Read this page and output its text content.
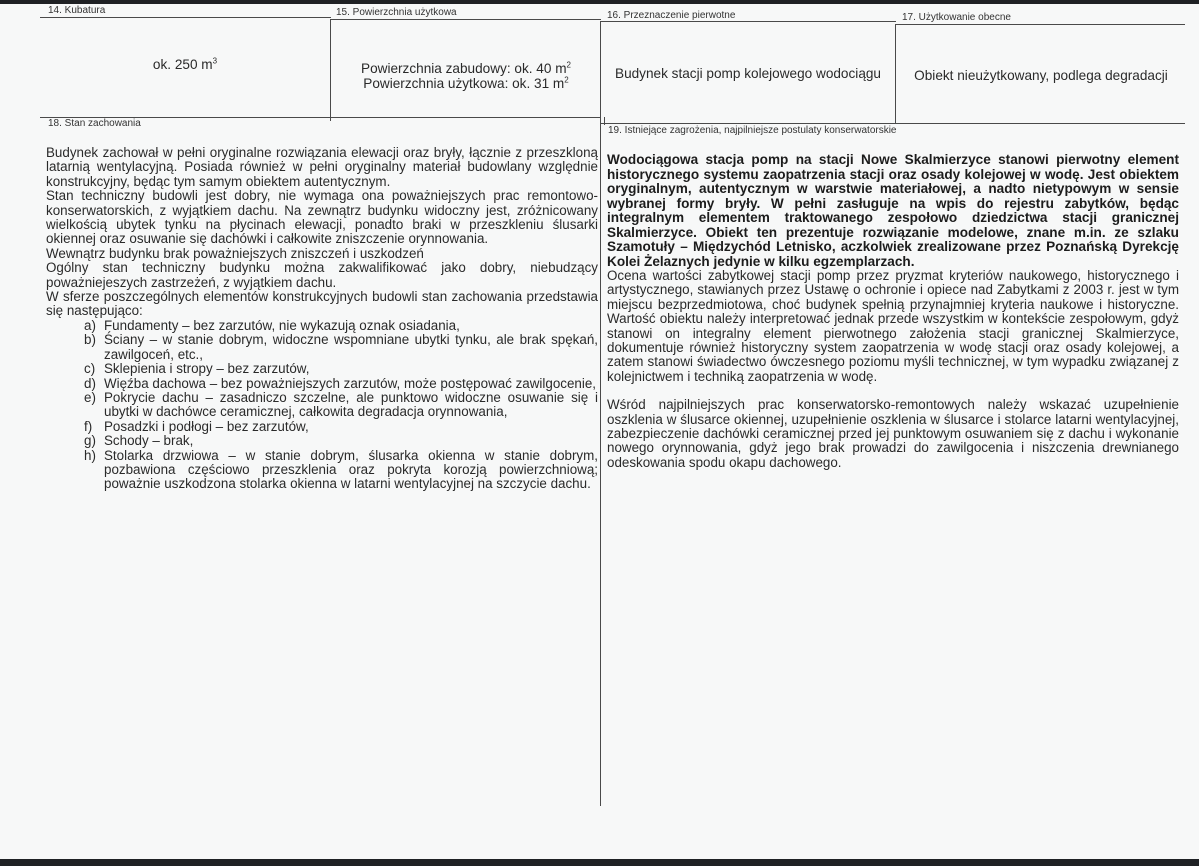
14. Kubatura
ok. 250 $m^3$
15. Powierzchnia użytkowa
Powierzchnia zabudowy: ok. 40 $m^2$
Powierzchnia użytkowa: ok. 31 $m^2$
16. Przeznaczenie pierwotne
Budynek stacji pomp kolejowego wodociągu
17. Użytkowanie obecne
Obiekt nieużytkowany, podlega degradacji
18. Stan zachowania

Budynek zachował w pełni oryginalne rozwiązania elewacji oraz bryły, łącznie z przeszkloną latarnią wentylacyjną. Posiada również w pełni oryginalny materiał budowlany względnie konstrukcyjny, będąc tym samym obiektem autentycznym.

Stan techniczny budowli jest dobry, nie wymaga ona poważniejszych prac remontowo-konserwatorskich, z wyjątkiem dachu. Na zewnątrz budynku widoczny jest, zróżnicowany wielkością ubytek tynku na płycinach elewacji, ponadto braki w przeszkleniu ślusarki okiennej oraz osuwanie się dachówki i całkowite zniszczenie orynnowania.

Wewnątrz budynku brak poważniejszych zniszczeń i uszkodzeń

Ogólny stan techniczny budynku można zakwalifikować jako dobry, niebudzący poważniejeszych zastrzeżeń, z wyjątkiem dachu.

W sferze poszczególnych elementów konstrukcyjnych budowli stan zachowania przedstawia się następująco:

a) Fundamenty – bez zarzutów, nie wykazują oznak osiadania,
b) Ściany – w stanie dobrym, widoczne wspomniane ubytki tynku, ale brak spękań, zawilgoceń, etc.,
c) Sklepienia i stropy – bez zarzutów,
d) Więźba dachowa – bez poważniejszych zarzutów, może postępować zawilgocenie,
e) Pokrycie dachu – zasadniczo szczelne, ale punktowo widoczne osuwanie się i ubytki w dachówce ceramicznej, całkowita degradacja orynnowania,
f) Posadzki i podłogi – bez zarzutów,
g) Schody – brak,
h) Stolarka drzwiowa – w stanie dobrym, ślusarka okienna w stanie dobrym, pozbawiona częściowo przeszklenia oraz pokryta korozją powierzchniową; poważnie uszkodzona stolarka okienna w latarni wentylacyjnej na szczycie dachu.
19. Istniejące zagrożenia, najpilniejsze postulaty konserwatorskie

Wodociągowa stacja pomp na stacji Nowe Skalmierzyce stanowi pierwotny element historycznego systemu zaopatrzenia stacji oraz osady kolejowej w wodę. Jest obiektem oryginalnym, autentycznym w warstwie materiałowej, a nadto nietypowym w sensie wybranej formy bryły. W pełni zasługuje na wpis do rejestru zabytków, będąc integralnym elementem traktowanego zespołowo dziedzictwa stacji granicznej Skalmierzyce. Obiekt ten prezentuje rozwiązanie modelowe, znane m.in. ze szlaku Szamotuły – Międzychód Letnisko, aczkolwiek zrealizowane przez Poznańską Dyrekcję Kolei Żelaznych jedynie w kilku egzemplarzach.

Ocena wartości zabytkowej stacji pomp przez pryzmat kryteriów naukowego, historycznego i artystycznego, stawianych przez Ustawę o ochronie i opiece nad Zabytkami z 2003 r. jest w tym miejscu bezprzedmiotowa, choć budynek spełnią przynajmniej kryteria naukowe i historyczne. Wartość obiektu należy interpretować jednak przede wszystkim w kontekście zespołowym, gdyż stanowi on integralny element pierwotnego założenia stacji granicznej Skalmierzyce, dokumentuje również historyczny system zaopatrzenia w wodę stacji oraz osady kolejowej, a zatem stanowi świadectwo ówczesnego poziomu myśli technicznej, w tym wypadku związanej z kolejnictwem i techniką zaopatrzenia w wodę.

Wśród najpilniejszych prac konserwatorsko-remontowych należy wskazać uzupełnienie oszklenia w ślusarce okiennej, uzupełnienie oszklenia w ślusarce i stolarce latarni wentylacyjnej, zabezpieczenie dachówki ceramicznej przed jej punktowym osuwaniem się z dachu i wykonanie nowego orynnowania, gdyż jego brak prowadzi do zawilgocenia i niszczenia drewnianego odeskowania spodu okapu dachowego.
